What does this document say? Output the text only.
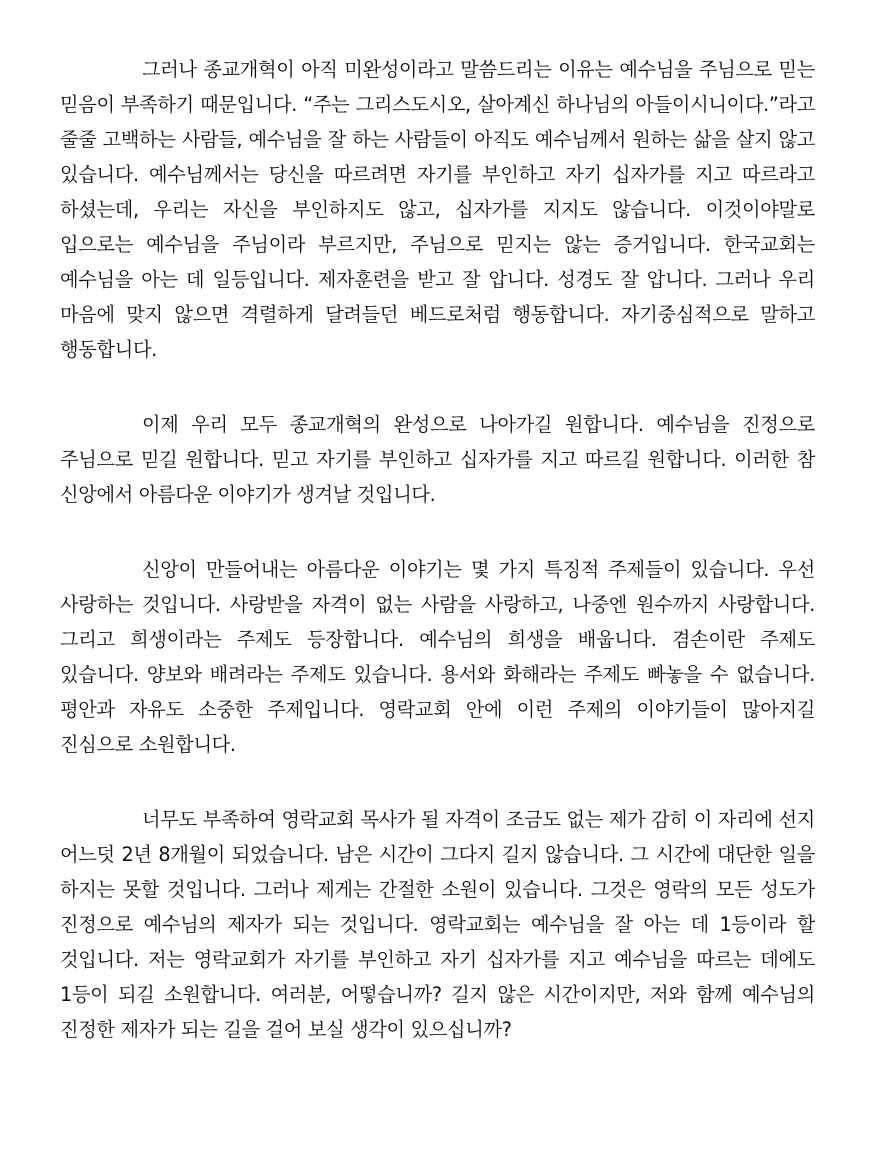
그러나 종교개혁이 아직 미완성이라고 말씀드리는 이유는 예수님을 주님으로 믿는 믿음이 부족하기 때문입니다. “주는 그리스도시오, 살아계신 하나님의 아들이시니이다.”라고 줄줄 고백하는 사람들, 예수님을 잘 하는 사람들이 아직도 예수님께서 원하는 삶을 살지 않고 있습니다. 예수님께서는 당신을 따르려면 자기를 부인하고 자기 십자가를 지고 따르라고 하셨는데, 우리는 자신을 부인하지도 않고, 십자가를 지지도 않습니다. 이것이야말로 입으로는 예수님을 주님이라 부르지만, 주님으로 믿지는 않는 증거입니다. 한국교회는 예수님을 아는 데 일등입니다. 제자훈련을 받고 잘 압니다. 성경도 잘 압니다. 그러나 우리 마음에 맞지 않으면 격렬하게 달려들던 베드로처럼 행동합니다. 자기중심적으로 말하고 행동합니다.

이제 우리 모두 종교개혁의 완성으로 나아가길 원합니다. 예수님을 진정으로 주님으로 믿길 원합니다. 믿고 자기를 부인하고 십자가를 지고 따르길 원합니다. 이러한 참 신앙에서 아름다운 이야기가 생겨날 것입니다.

신앙이 만들어내는 아름다운 이야기는 몇 가지 특징적 주제들이 있습니다. 우선 사랑하는 것입니다. 사랑받을 자격이 없는 사람을 사랑하고, 나중엔 원수까지 사랑합니다. 그리고 희생이라는 주제도 등장합니다. 예수님의 희생을 배웁니다. 겸손이란 주제도 있습니다. 양보와 배려라는 주제도 있습니다. 용서와 화해라는 주제도 빠놓을 수 없습니다. 평안과 자유도 소중한 주제입니다. 영락교회 안에 이런 주제의 이야기들이 많아지길 진심으로 소원합니다.

너무도 부족하여 영락교회 목사가 될 자격이 조금도 없는 제가 감히 이 자리에 선지 어느덧 2년 8개월이 되었습니다. 남은 시간이 그다지 길지 않습니다. 그 시간에 대단한 일을 하지는 못할 것입니다. 그러나 제게는 간절한 소원이 있습니다. 그것은 영락의 모든 성도가 진정으로 예수님의 제자가 되는 것입니다. 영락교회는 예수님을 잘 아는 데 1등이라 할 것입니다. 저는 영락교회가 자기를 부인하고 자기 십자가를 지고 예수님을 따르는 데에도 1등이 되길 소원합니다. 여러분, 어떻습니까? 길지 않은 시간이지만, 저와 함께 예수님의 진정한 제자가 되는 길을 걸어 보실 생각이 있으십니까?
